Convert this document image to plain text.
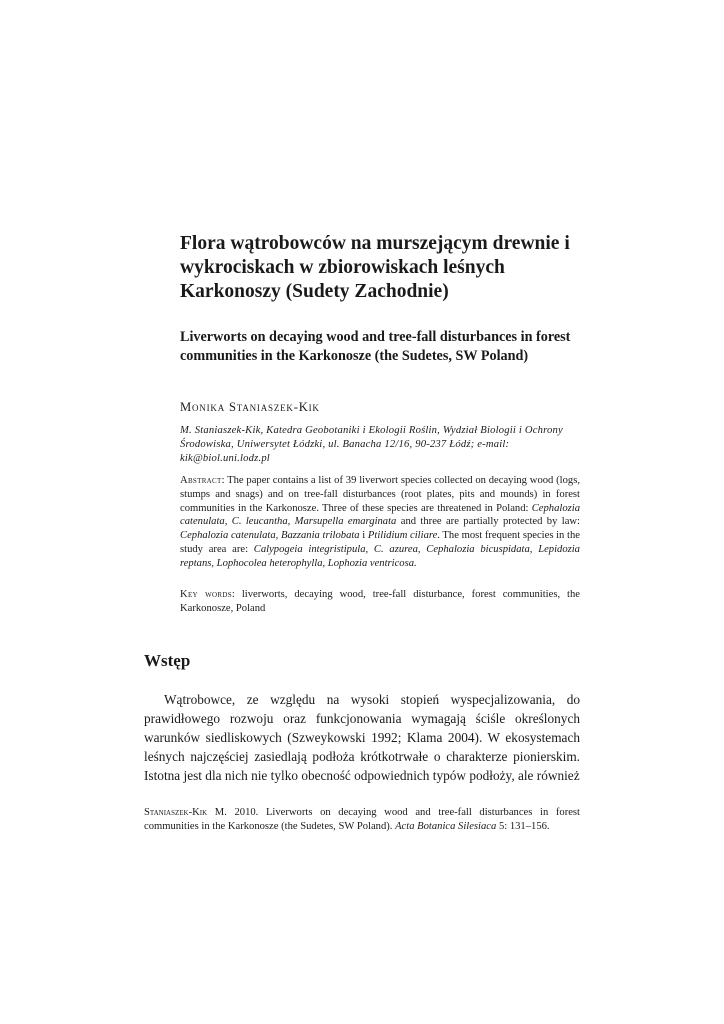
Flora wątrobowców na murszejącym drewnie i wykrociskach w zbiorowiskach leśnych Karkonoszy (Sudety Zachodnie)
Liverworts on decaying wood and tree-fall disturbances in forest communities in the Karkonosze (the Sudetes, SW Poland)
Monika Staniaszek-Kik
M. Staniaszek-Kik, Katedra Geobotaniki i Ekologii Roślin, Wydział Biologii i Ochrony Środowiska, Uniwersytet Łódzki, ul. Banacha 12/16, 90-237 Łódź; e-mail: kik@biol.uni.lodz.pl
Abstract: The paper contains a list of 39 liverwort species collected on decaying wood (logs, stumps and snags) and on tree-fall disturbances (root plates, pits and mounds) in forest communities in the Karkonosze. Three of these species are threatened in Poland: Cephalozia catenulata, C. leucantha, Marsupella emarginata and three are partially protected by law: Cephalozia catenulata, Bazzania trilobata i Ptilidium ciliare. The most frequent species in the study area are: Calypogeia integristipula, C. azurea, Cephalozia bicuspidata, Lepidozia reptans, Lophocolea heterophylla, Lophozia ventricosa.
Key words: liverworts, decaying wood, tree-fall disturbance, forest communities, the Karkonosze, Poland
Wstęp
Wątrobowce, ze względu na wysoki stopień wyspecjalizowania, do prawidłowego rozwoju oraz funkcjonowania wymagają ściśle określonych warunków siedliskowych (Szweykowski 1992; Klama 2004). W ekosystemach leśnych najczęściej zasiedlają podłoża krótkotrwałe o charakterze pionierskim. Istotna jest dla nich nie tylko obecność odpowiednich typów podłoży, ale również
Staniaszek-Kik M. 2010. Liverworts on decaying wood and tree-fall disturbances in forest communities in the Karkonosze (the Sudetes, SW Poland). Acta Botanica Silesiaca 5: 131–156.
